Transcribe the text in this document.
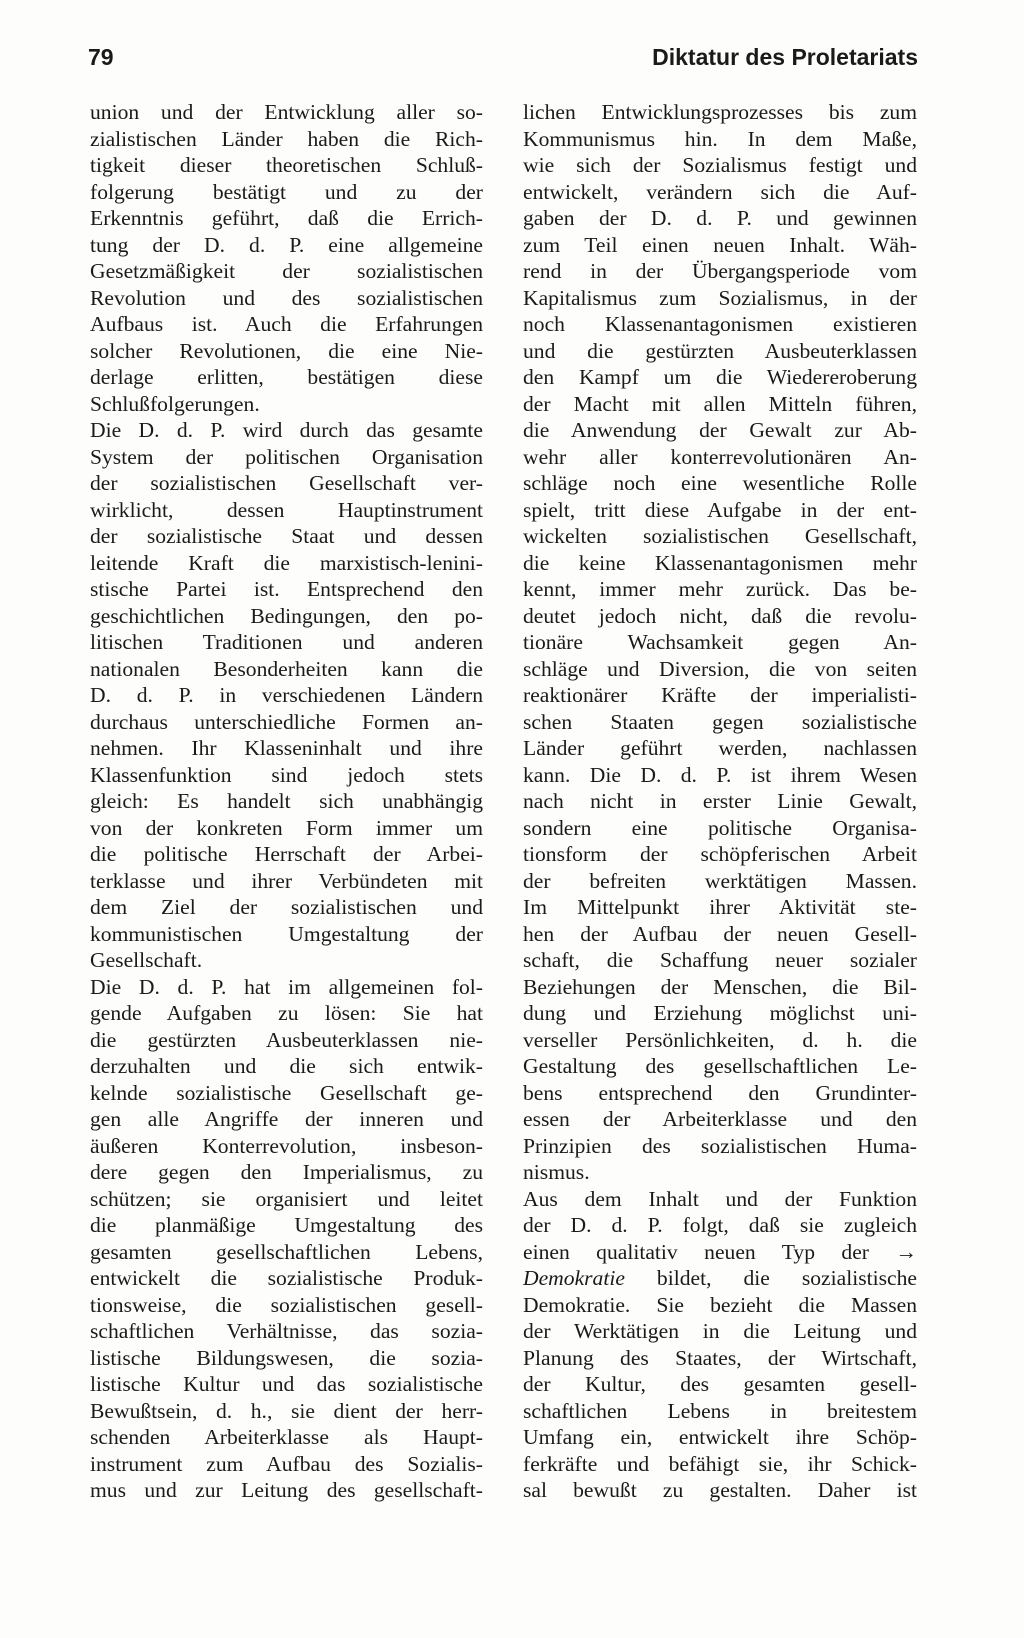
79	Diktatur des Proletariats
union und der Entwicklung aller so-
zialistischen Länder haben die Rich-
tigkeit dieser theoretischen Schluß-
folgerung bestätigt und zu der
Erkenntnis geführt, daß die Errich-
tung der D. d. P. eine allgemeine
Gesetzmäßigkeit der sozialistischen
Revolution und des sozialistischen
Aufbaus ist. Auch die Erfahrungen
solcher Revolutionen, die eine Nie-
derlage erlitten, bestätigen diese
Schlußfolgerungen.
Die D. d. P. wird durch das gesamte
System der politischen Organisation
der sozialistischen Gesellschaft ver-
wirklicht, dessen Hauptinstrument
der sozialistische Staat und dessen
leitende Kraft die marxistisch-lenini-
stische Partei ist. Entsprechend den
geschichtlichen Bedingungen, den po-
litischen Traditionen und anderen
nationalen Besonderheiten kann die
D. d. P. in verschiedenen Ländern
durchaus unterschiedliche Formen an-
nehmen. Ihr Klasseninhalt und ihre
Klassenfunktion sind jedoch stets
gleich: Es handelt sich unabhängig
von der konkreten Form immer um
die politische Herrschaft der Arbei-
terklasse und ihrer Verbündeten mit
dem Ziel der sozialistischen und
kommunistischen Umgestaltung der
Gesellschaft.
Die D. d. P. hat im allgemeinen fol-
gende Aufgaben zu lösen: Sie hat
die gestürzten Ausbeuterklassen nie-
derzuhalten und die sich entwik-
kelnde sozialistische Gesellschaft ge-
gen alle Angriffe der inneren und
äußeren Konterrevolution, insbeson-
dere gegen den Imperialismus, zu
schützen; sie organisiert und leitet
die planmäßige Umgestaltung des
gesamten gesellschaftlichen Lebens,
entwickelt die sozialistische Produk-
tionsweise, die sozialistischen gesell-
schaftlichen Verhältnisse, das sozia-
listische Bildungswesen, die sozia-
listische Kultur und das sozialistische
Bewußtsein, d. h., sie dient der herr-
schenden Arbeiterklasse als Haupt-
instrument zum Aufbau des Sozialis-
mus und zur Leitung des gesellschaft-
lichen Entwicklungsprozesses bis zum
Kommunismus hin. In dem Maße,
wie sich der Sozialismus festigt und
entwickelt, verändern sich die Auf-
gaben der D. d. P. und gewinnen
zum Teil einen neuen Inhalt. Wäh-
rend in der Übergangsperiode vom
Kapitalismus zum Sozialismus, in der
noch Klassenantagonismen existieren
und die gestürzten Ausbeuterklassen
den Kampf um die Wiedereroberung
der Macht mit allen Mitteln führen,
die Anwendung der Gewalt zur Ab-
wehr aller konterrevolutionären An-
schläge noch eine wesentliche Rolle
spielt, tritt diese Aufgabe in der ent-
wickelten sozialistischen Gesellschaft,
die keine Klassenantagonismen mehr
kennt, immer mehr zurück. Das be-
deutet jedoch nicht, daß die revolu-
tionäre Wachsamkeit gegen An-
schläge und Diversion, die von seiten
reaktionärer Kräfte der imperialisti-
schen Staaten gegen sozialistische
Länder geführt werden, nachlassen
kann. Die D. d. P. ist ihrem Wesen
nach nicht in erster Linie Gewalt,
sondern eine politische Organisa-
tionsform der schöpferischen Arbeit
der befreiten werktätigen Massen.
Im Mittelpunkt ihrer Aktivität ste-
hen der Aufbau der neuen Gesell-
schaft, die Schaffung neuer sozialer
Beziehungen der Menschen, die Bil-
dung und Erziehung möglichst uni-
verseller Persönlichkeiten, d. h. die
Gestaltung des gesellschaftlichen Le-
bens entsprechend den Grundinter-
essen der Arbeiterklasse und den
Prinzipien des sozialistischen Huma-
nismus.
Aus dem Inhalt und der Funktion
der D. d. P. folgt, daß sie zugleich
einen qualitativ neuen Typ der →
Demokratie bildet, die sozialistische
Demokratie. Sie bezieht die Massen
der Werktätigen in die Leitung und
Planung des Staates, der Wirtschaft,
der Kultur, des gesamten gesell-
schaftlichen Lebens in breitestem
Umfang ein, entwickelt ihre Schöp-
ferkräfte und befähigt sie, ihr Schick-
sal bewußt zu gestalten. Daher ist
